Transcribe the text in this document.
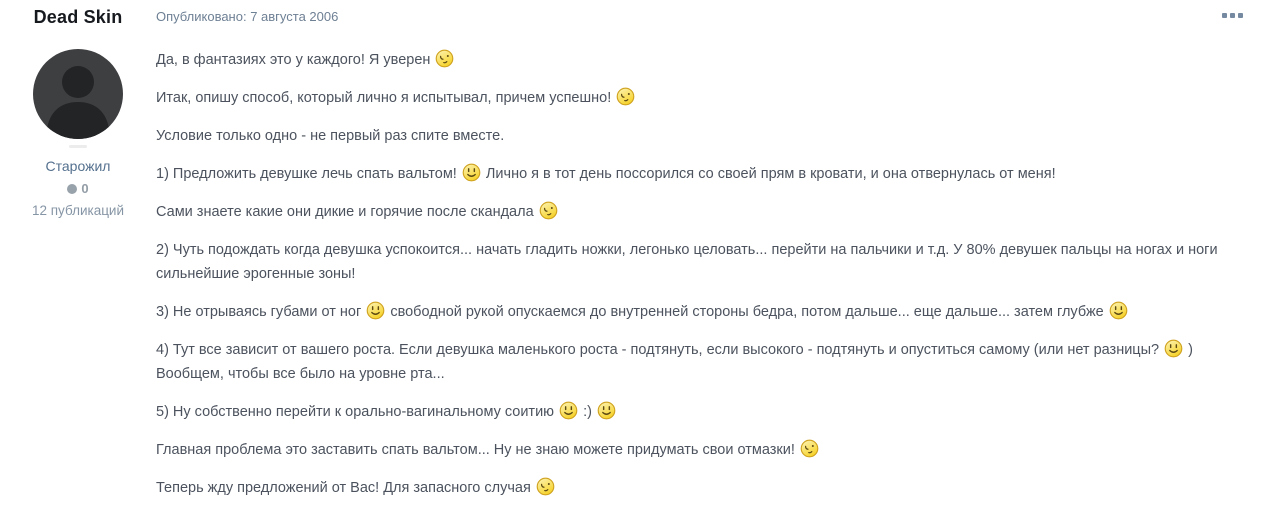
Dead Skin
Старожил
0
12 публикаций
Опубликовано: 7 августа 2006

Да, в фантазиях это у каждого! Я уверен

Итак, опишу способ, который лично я испытывал, причем успешно!

Условие только одно - не первый раз спите вместе.

1) Предложить девушке лечь спать вальтом!  Лично я в тот день поссорился со своей прям в кровати, и она отвернулась от меня!

Сами знаете какие они дикие и горячие после скандала

2) Чуть подождать когда девушка успокоится... начать гладить ножки, легонько целовать... перейти на пальчики и т.д. У 80% девушек пальцы на ногах и ноги сильнейшие эрогенные зоны!

3) Не отрываясь губами от ног  свободной рукой опускаемся до внутренней стороны бедра, потом дальше... еще дальше... затем глубже

4) Тут все зависит от вашего роста. Если девушка маленького роста - подтянуть, если высокого - подтянуть и опуститься самому (или нет разницы?  ) Вообщем, чтобы все было на уровне рта...

5) Ну собственно перейти к орально-вагинальному соитию  :)

Главная проблема это заставить спать вальтом... Ну не знаю можете придумать свои отмазки!

Теперь жду предложений от Вас! Для запасного случая
